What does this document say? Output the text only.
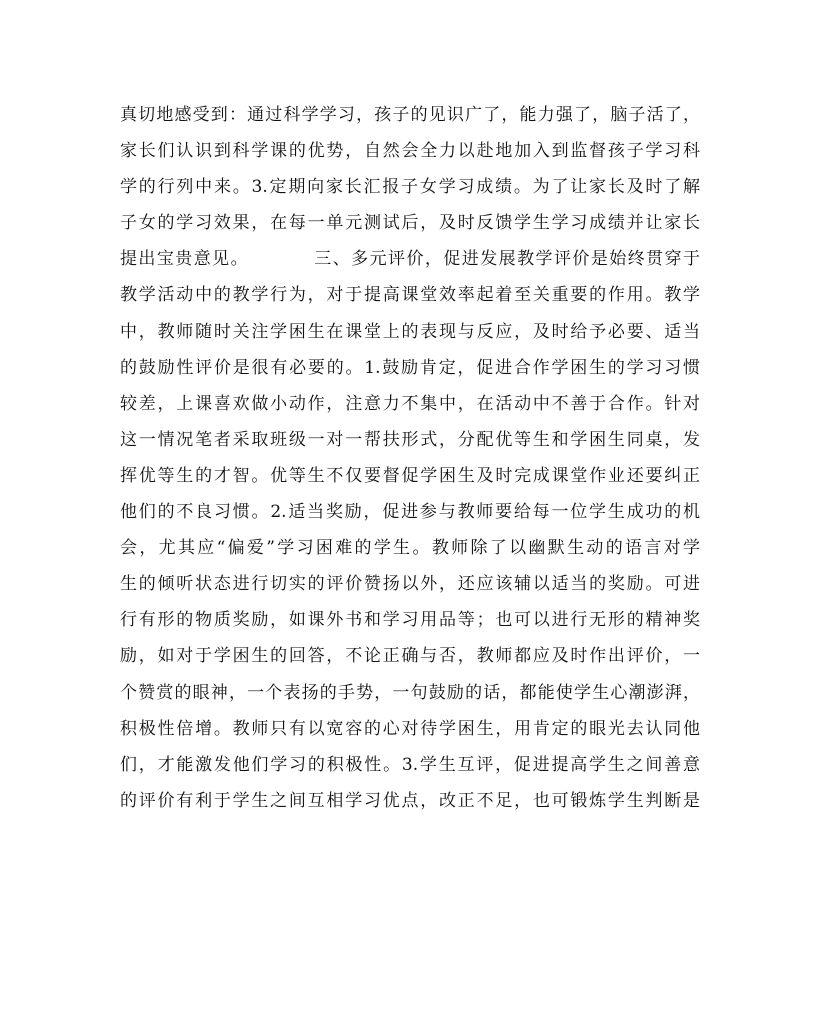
真切地感受到：通过科学学习，孩子的见识广了，能力强了，脑子活了，
家长们认识到科学课的优势，自然会全力以赴地加入到监督孩子学习科
学的行列中来。3.定期向家长汇报子女学习成绩。为了让家长及时了解
子女的学习效果，在每一单元测试后，及时反馈学生学习成绩并让家长
提出宝贵意见。　　　　三、多元评价，促进发展教学评价是始终贯穿于
教学活动中的教学行为，对于提高课堂效率起着至关重要的作用。教学
中，教师随时关注学困生在课堂上的表现与反应，及时给予必要、适当
的鼓励性评价是很有必要的。1.鼓励肯定，促进合作学困生的学习习惯
较差，上课喜欢做小动作，注意力不集中，在活动中不善于合作。针对
这一情况笔者采取班级一对一帮扶形式，分配优等生和学困生同桌，发
挥优等生的才智。优等生不仅要督促学困生及时完成课堂作业还要纠正
他们的不良习惯。2.适当奖励，促进参与教师要给每一位学生成功的机
会，尤其应“偏爱”学习困难的学生。教师除了以幽默生动的语言对学
生的倾听状态进行切实的评价赞扬以外，还应该辅以适当的奖励。可进
行有形的物质奖励，如课外书和学习用品等；也可以进行无形的精神奖
励，如对于学困生的回答，不论正确与否，教师都应及时作出评价，一
个赞赏的眼神，一个表扬的手势，一句鼓励的话，都能使学生心潮澎湃，
积极性倍增。教师只有以宽容的心对待学困生，用肯定的眼光去认同他
们，才能激发他们学习的积极性。3.学生互评，促进提高学生之间善意
的评价有利于学生之间互相学习优点，改正不足，也可锻炼学生判断是
